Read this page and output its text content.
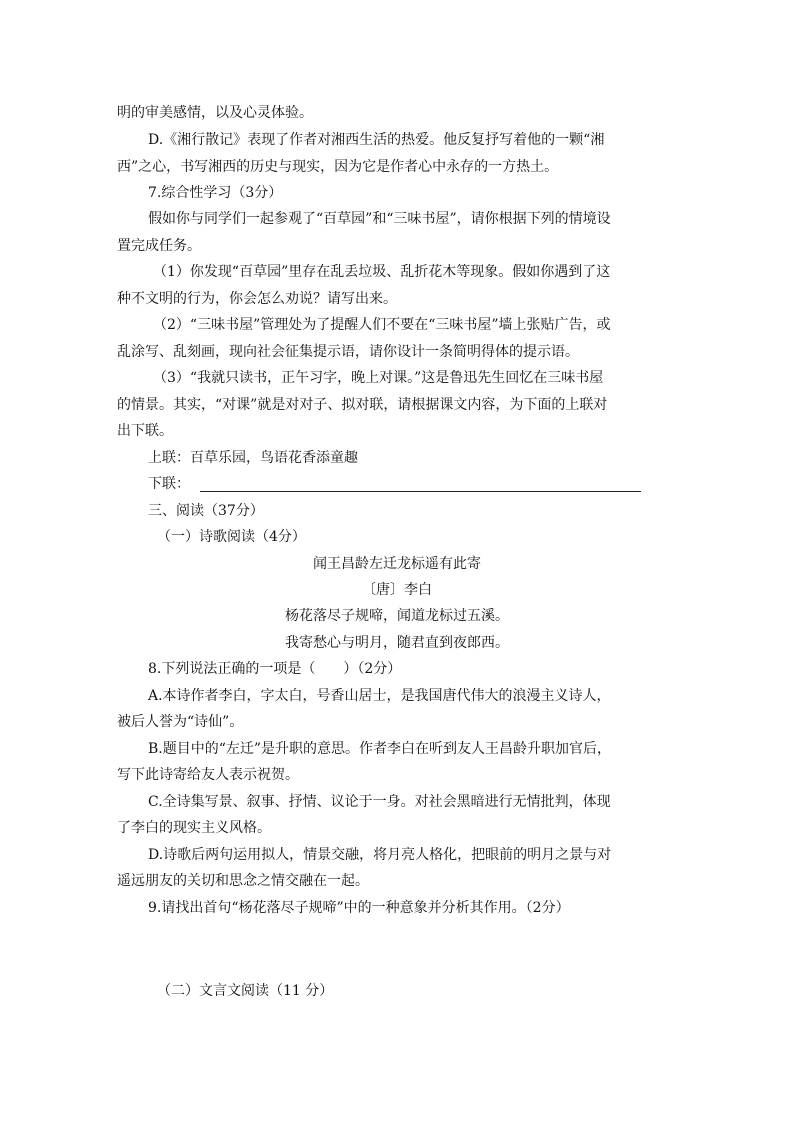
明的审美感情，以及心灵体验。
D.《湘行散记》表现了作者对湘西生活的热爱。他反复抒写着他的一颗“湘
西”之心，书写湘西的历史与现实，因为它是作者心中永存的一方热土。
7.综合性学习（3分）
假如你与同学们一起参观了“百草园”和“三味书屋”，请你根据下列的情境设
置完成任务。
（1）你发现“百草园”里存在乱丢垃圾、乱折花木等现象。假如你遇到了这
种不文明的行为，你会怎么劝说？请写出来。
（2）“三味书屋”管理处为了提醒人们不要在“三味书屋”墙上张贴广告，或
乱涂写、乱刻画，现向社会征集提示语，请你设计一条简明得体的提示语。
（3）“我就只读书，正午习字，晚上对课。”这是鲁迅先生回忆在三味书屋
的情景。其实，“对课”就是对对子、拟对联，请根据课文内容，为下面的上联对
出下联。
上联：百草乐园，鸟语花香添童趣
下联：
三、阅读（37分）
（一）诗歌阅读（4分）
闻王昌龄左迁龙标遥有此寄
〔唐〕李白
杨花落尽子规啼，闻道龙标过五溪。
我寄愁心与明月，随君直到夜郎西。
8.下列说法正确的一项是（　　）（2分）
A.本诗作者李白，字太白，号香山居士，是我国唐代伟大的浪漫主义诗人，
被后人誉为“诗仙”。
B.题目中的“左迁”是升职的意思。作者李白在听到友人王昌龄升职加官后，
写下此诗寄给友人表示祝贺。
C.全诗集写景、叙事、抒情、议论于一身。对社会黑暗进行无情批判，体现
了李白的现实主义风格。
D.诗歌后两句运用拟人，情景交融，将月亮人格化，把眼前的明月之景与对
遥远朋友的关切和思念之情交融在一起。
9.请找出首句“杨花落尽子规啼”中的一种意象并分析其作用。（2分）
（二）文言文阅读（11 分）
